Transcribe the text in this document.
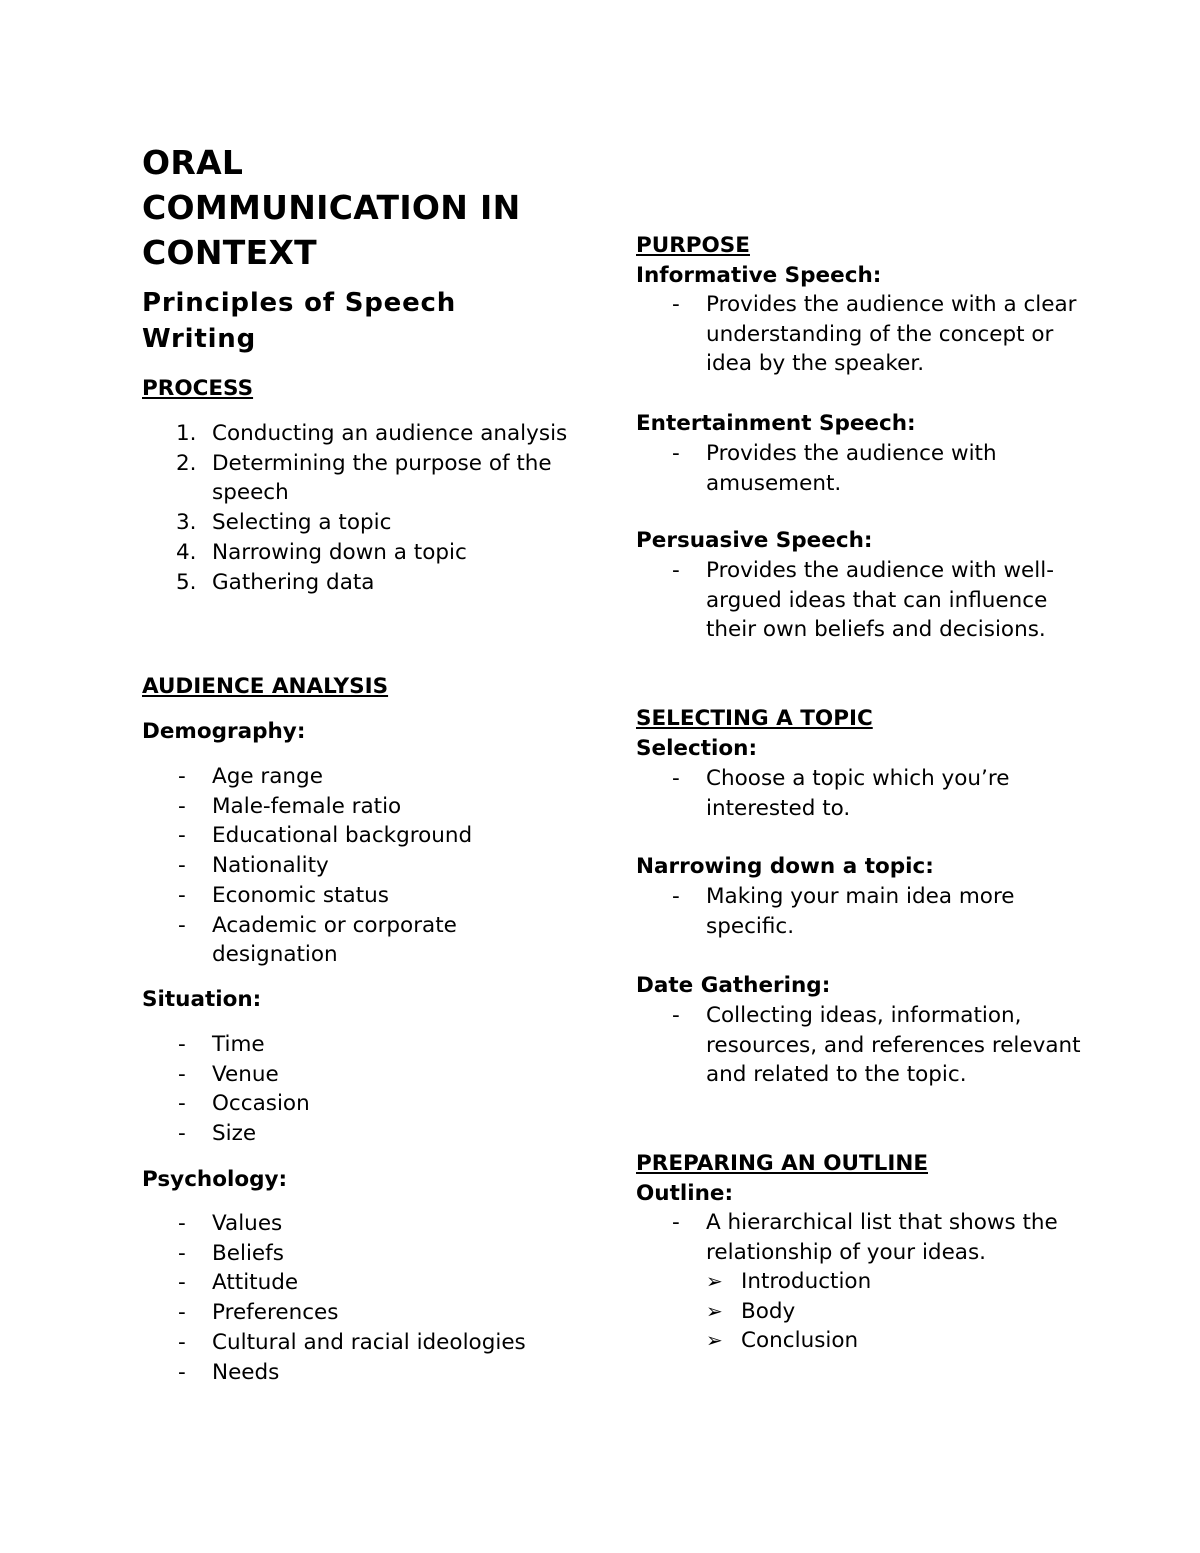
ORAL
COMMUNICATION IN
CONTEXT
Principles of Speech Writing
PROCESS
1. Conducting an audience analysis
2. Determining the purpose of the speech
3. Selecting a topic
4. Narrowing down a topic
5. Gathering data
AUDIENCE ANALYSIS
Demography:
- Age range
- Male-female ratio
- Educational background
- Nationality
- Economic status
- Academic or corporate designation
Situation:
- Time
- Venue
- Occasion
- Size
Psychology:
- Values
- Beliefs
- Attitude
- Preferences
- Cultural and racial ideologies
- Needs
PURPOSE
Informative Speech:
- Provides the audience with a clear understanding of the concept or idea by the speaker.
Entertainment Speech:
- Provides the audience with amusement.
Persuasive Speech:
- Provides the audience with well-argued ideas that can influence their own beliefs and decisions.
SELECTING A TOPIC
Selection:
- Choose a topic which you’re interested to.
Narrowing down a topic:
- Making your main idea more specific.
Date Gathering:
- Collecting ideas, information, resources, and references relevant and related to the topic.
PREPARING AN OUTLINE
Outline:
- A hierarchical list that shows the relationship of your ideas.
➢ Introduction
➢ Body
➢ Conclusion
